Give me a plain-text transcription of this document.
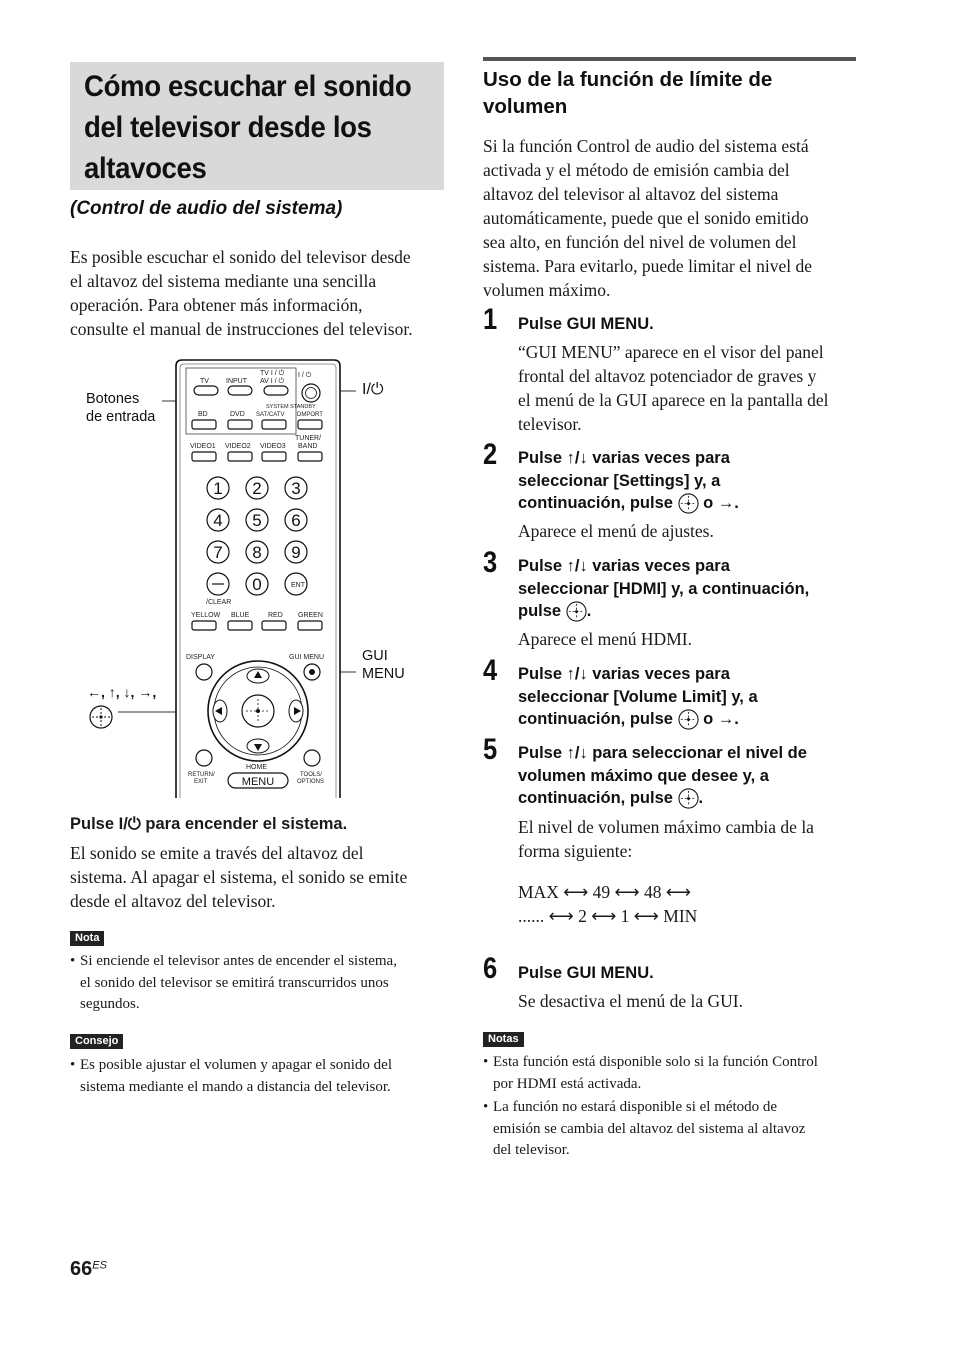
Cómo escuchar el sonido
del televisor desde los
altavoces
(Control de audio del sistema)
Es posible escuchar el sonido del televisor desde
el altavoz del sistema mediante una sencilla
operación. Para obtener más información,
consulte el manual de instrucciones del televisor.
Botones
de entrada
I/⏻
GUI
MENU
←, ↑, ↓, →,
TV INPUT
TV I / ⏻
AV I / ⏻
I / ⏻
BD	DVD
SYSTEM STANDBY
SAT/CATV DMPORT
VIDEO1 VIDEO2 VIDEO3
TUNER/
BAND
1 2 3
4 5 6
7 8 9
0	ENT
/CLEAR
YELLOW BLUE	RED GREEN
DISPLAY	GUI MENU
RETURN/
EXIT
HOME
MENU
TOOLS/
OPTIONS
Pulse I/⏻ para encender el sistema.
El sonido se emite a través del altavoz del
sistema. Al apagar el sistema, el sonido se emite
desde el altavoz del televisor.
Nota
• Si enciende el televisor antes de encender el sistema,
el sonido del televisor se emitirá transcurridos unos
segundos.
Consejo
• Es posible ajustar el volumen y apagar el sonido del
sistema mediante el mando a distancia del televisor.
Uso de la función de límite de
volumen
Si la función Control de audio del sistema está
activada y el método de emisión cambia del
altavoz del televisor al altavoz del sistema
automáticamente, puede que el sonido emitido
sea alto, en función del nivel de volumen del
sistema. Para evitarlo, puede limitar el nivel de
volumen máximo.
1 Pulse GUI MENU.
“GUI MENU” aparece en el visor del panel
frontal del altavoz potenciador de graves y
el menú de la GUI aparece en la pantalla del
televisor.
2 Pulse ↑/↓ varias veces para
seleccionar [Settings] y, a
continuación, pulse o →.
Aparece el menú de ajustes.
3 Pulse ↑/↓ varias veces para
seleccionar [HDMI] y, a continuación,
pulse .
Aparece el menú HDMI.
4 Pulse ↑/↓ varias veces para
seleccionar [Volume Limit] y, a
continuación, pulse o →.
5 Pulse ↑/↓ para seleccionar el nivel de
volumen máximo que desee y, a
continuación, pulse .
El nivel de volumen máximo cambia de la
forma siguiente:
MAX ⟷ 49 ⟷ 48 ⟷
...... ⟷ 2 ⟷ 1 ⟷ MIN
6 Pulse GUI MENU.
Se desactiva el menú de la GUI.
Notas
• Esta función está disponible solo si la función Control
por HDMI está activada.
• La función no estará disponible si el método de
emisión se cambia del altavoz del sistema al altavoz
del televisor.
$66^{ES}$
